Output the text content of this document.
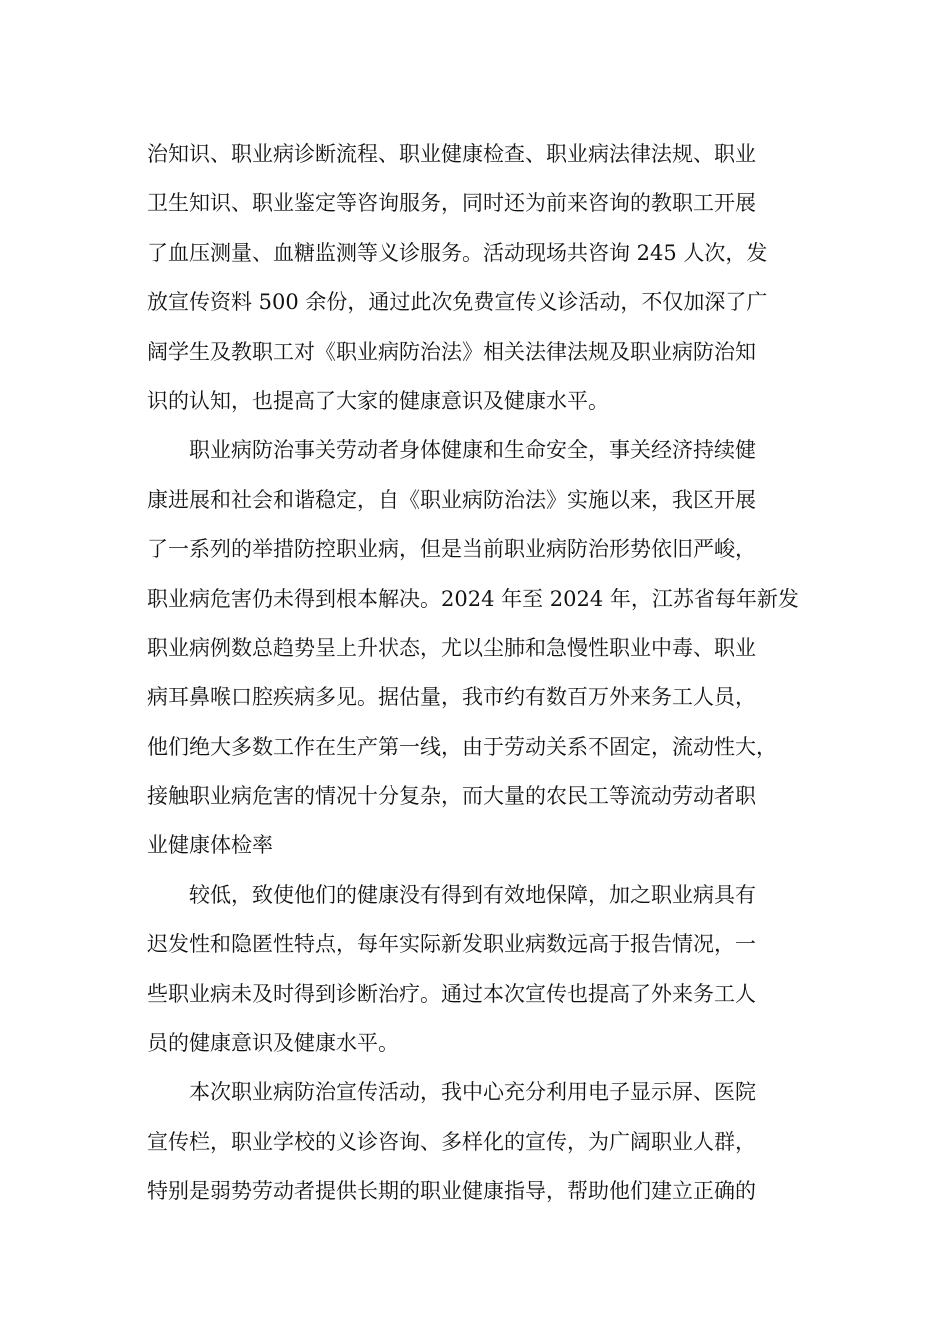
治知识、职业病诊断流程、职业健康检查、职业病法律法规、职业
卫生知识、职业鉴定等咨询服务，同时还为前来咨询的教职工开展
了血压测量、血糖监测等义诊服务。活动现场共咨询 245 人次，发
放宣传资料 500 余份，通过此次免费宣传义诊活动，不仅加深了广
阔学生及教职工对《职业病防治法》相关法律法规及职业病防治知
识的认知，也提高了大家的健康意识及健康水平。
职业病防治事关劳动者身体健康和生命安全，事关经济持续健
康进展和社会和谐稳定，自《职业病防治法》实施以来，我区开展
了一系列的举措防控职业病，但是当前职业病防治形势依旧严峻，
职业病危害仍未得到根本解决。2024 年至 2024 年，江苏省每年新发
职业病例数总趋势呈上升状态，尤以尘肺和急慢性职业中毒、职业
病耳鼻喉口腔疾病多见。据估量，我市约有数百万外来务工人员，
他们绝大多数工作在生产第一线，由于劳动关系不固定，流动性大，
接触职业病危害的情况十分复杂，而大量的农民工等流动劳动者职
业健康体检率
较低，致使他们的健康没有得到有效地保障，加之职业病具有
迟发性和隐匿性特点，每年实际新发职业病数远高于报告情况，一
些职业病未及时得到诊断治疗。通过本次宣传也提高了外来务工人
员的健康意识及健康水平。
本次职业病防治宣传活动，我中心充分利用电子显示屏、医院
宣传栏，职业学校的义诊咨询、多样化的宣传，为广阔职业人群，
特别是弱势劳动者提供长期的职业健康指导，帮助他们建立正确的
